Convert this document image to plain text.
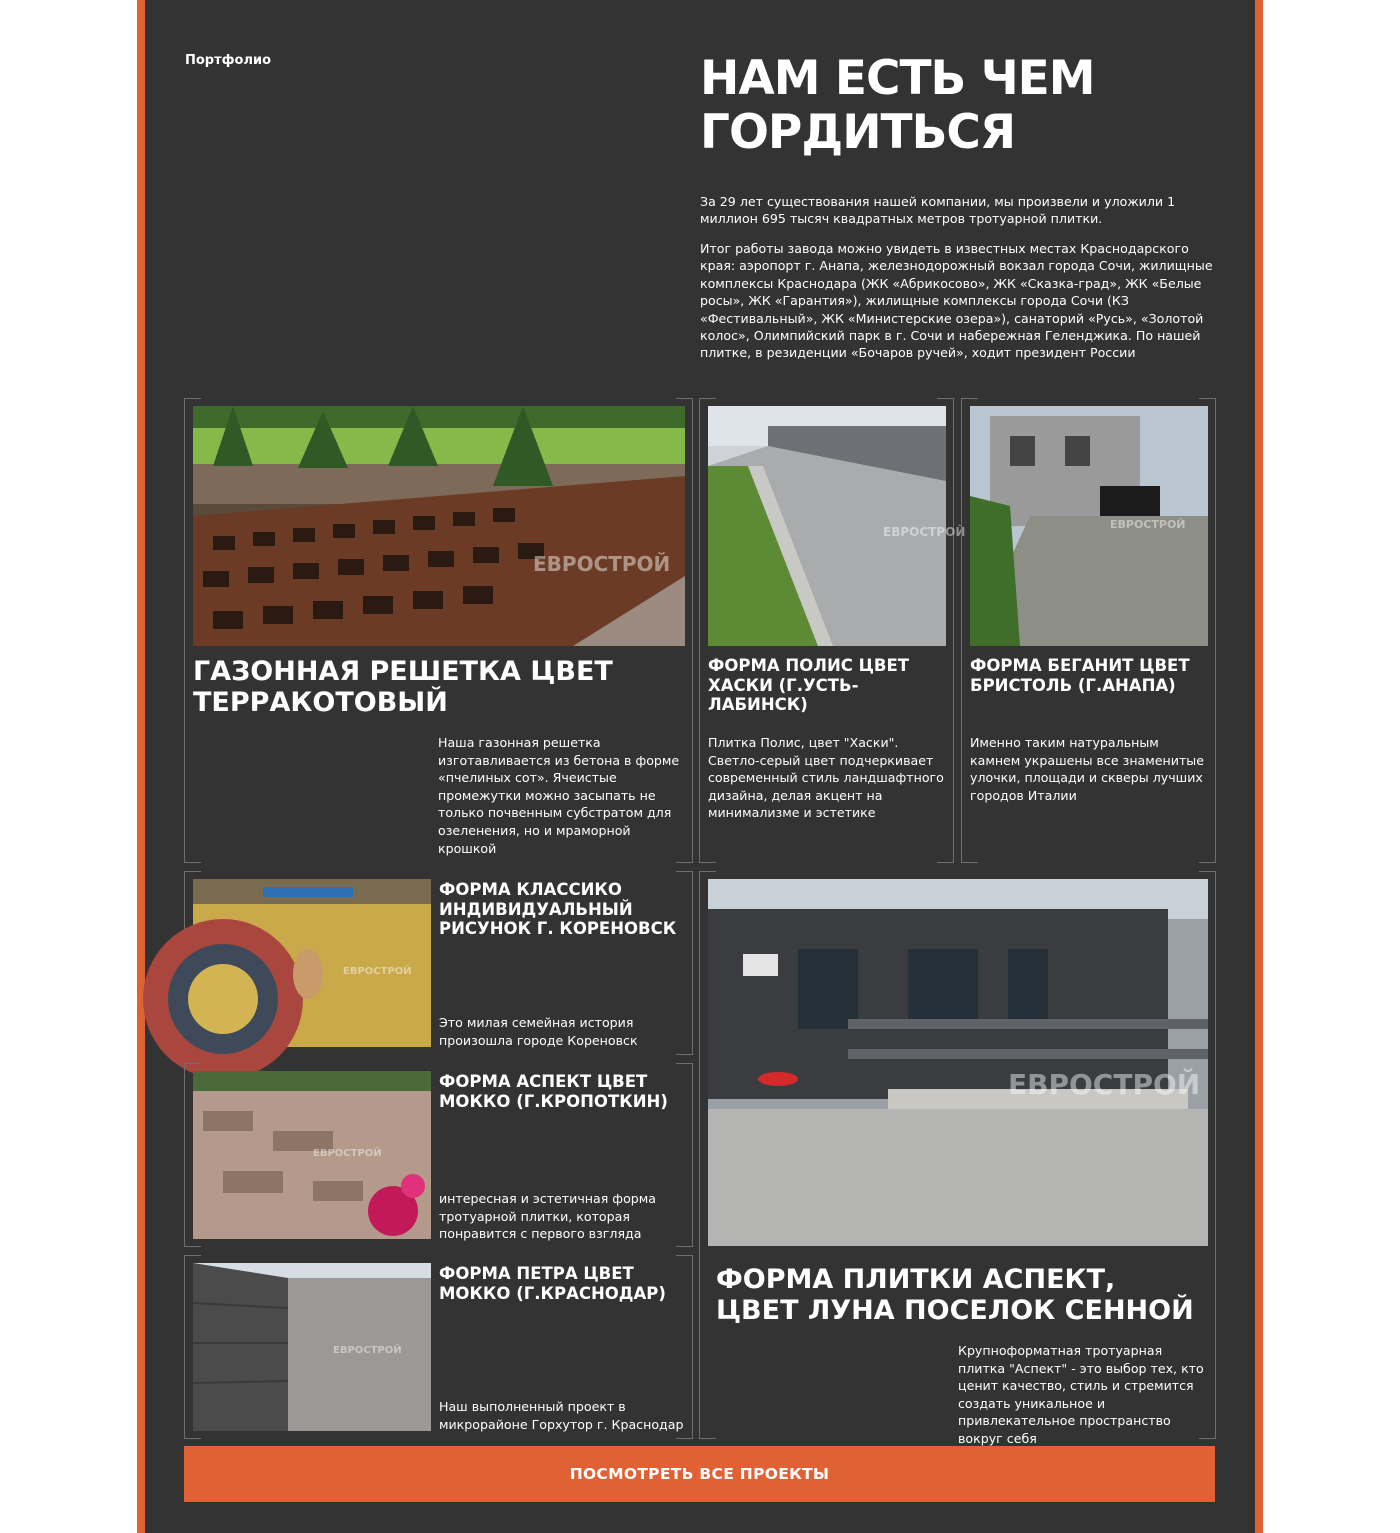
Портфолио	НАМ ЕСТЬ ЧЕМ ГОРДИТЬСЯ

За 29 лет существования нашей компании, мы произвели и уложили 1 миллион 695 тысяч квадратных метров тротуарной плитки.

Итог работы завода можно увидеть в известных местах Краснодарского края: аэропорт г. Анапа, железнодорожный вокзал города Сочи, жилищные комплексы Краснодара (ЖК «Абрикосово», ЖК «Сказка-град», ЖК «Белые росы», ЖК «Гарантия»), жилищные комплексы города Сочи (КЗ «Фестивальный», ЖК «Министерские озера»), санаторий «Русь», «Золотой колос», Олимпийский парк в г. Сочи и набережная Геленджика. По нашей плитке, в резиденции «Бочаров ручей», ходит президент России

ЕВРОСТРОЙ
ГАЗОННАЯ РЕШЕТКА ЦВЕТ ТЕРРАКОТОВЫЙ

Наша газонная решетка изготавливается из бетона в форме «пчелиных сот». Ячеистые промежутки можно засыпать не только почвенным субстратом для озеленения, но и мраморной крошкой

ЕВРОСТРОЙ
ФОРМА ПОЛИС ЦВЕТ ХАСКИ (Г.УСТЬ-ЛАБИНСК)

Плитка Полис, цвет "Хаски". Светло-серый цвет подчеркивает современный стиль ландшафтного дизайна, делая акцент на минимализме и эстетике

ЕВРОСТРОЙ
ФОРМА БЕГАНИТ ЦВЕТ БРИСТОЛЬ (Г.АНАПА)

Именно таким натуральным камнем украшены все знаменитые улочки, площади и скверы лучших городов Италии

ЕВРОСТРОЙ
ФОРМА КЛАССИКО ИНДИВИДУАЛЬНЫЙ РИСУНОК Г. КОРЕНОВСК

Это милая семейная история произошла городе Кореновск

ЕВРОСТРОЙ
ФОРМА АСПЕКТ ЦВЕТ МОККО (Г.КРОПОТКИН)

интересная и эстетичная форма тротуарной плитки, которая понравится с первого взгляда

ЕВРОСТРОЙ
ФОРМА ПЕТРА ЦВЕТ МОККО (Г.КРАСНОДАР)

Наш выполненный проект в микрорайоне Горхутор г. Краснодар

ЕВРОСТРОЙ
ФОРМА ПЛИТКИ АСПЕКТ, ЦВЕТ ЛУНА ПОСЕЛОК СЕННОЙ

Крупноформатная тротуарная плитка "Аспект" - это выбор тех, кто ценит качество, стиль и стремится создать уникальное и привлекательное пространство вокруг себя

ПОСМОТРЕТЬ ВСЕ ПРОЕКТЫ
